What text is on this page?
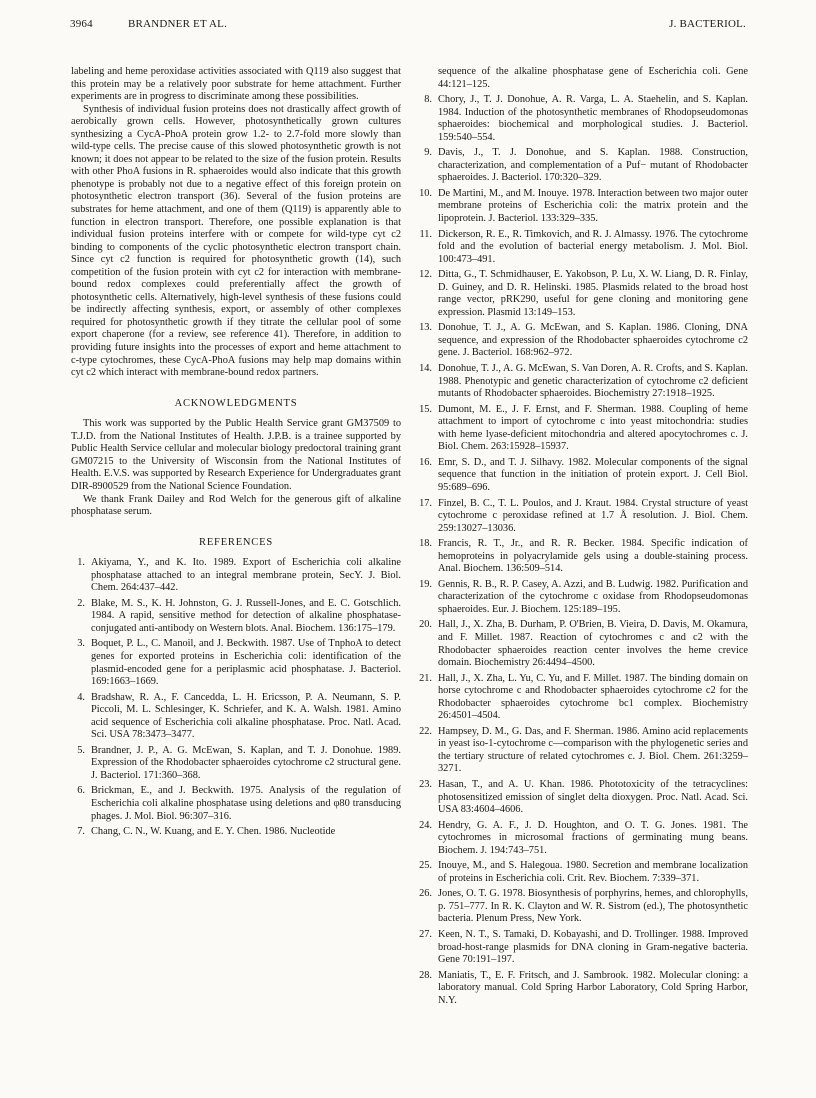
3964	BRANDNER ET AL.	J. BACTERIOL.

labeling and heme peroxidase activities associated with Q119 also suggest that this protein may be a relatively poor substrate for heme attachment. Further experiments are in progress to discriminate among these possibilities.

Synthesis of individual fusion proteins does not drastically affect growth of aerobically grown cells. However, photosynthetically grown cultures synthesizing a CycA-PhoA protein grow 1.2- to 2.7-fold more slowly than wild-type cells. The precise cause of this slowed photosynthetic growth is not known; it does not appear to be related to the size of the fusion protein. Results with other PhoA fusions in R. sphaeroides would also indicate that this growth phenotype is probably not due to a negative effect of this foreign protein on photosynthetic electron transport (36). Several of the fusion proteins are substrates for heme attachment, and one of them (Q119) is apparently able to function in electron transport. Therefore, one possible explanation is that individual fusion proteins interfere with or compete for wild-type cyt c2 binding to components of the cyclic photosynthetic electron transport chain. Since cyt c2 function is required for photosynthetic growth (14), such competition of the fusion protein with cyt c2 for interaction with membrane-bound redox complexes could preferentially affect the growth of photosynthetic cells. Alternatively, high-level synthesis of these fusions could be indirectly affecting synthesis, export, or assembly of other complexes required for photosynthetic growth if they titrate the cellular pool of some export chaperone (for a review, see reference 41). Therefore, in addition to providing future insights into the processes of export and heme attachment to c-type cytochromes, these CycA-PhoA fusions may help map domains within cyt c2 which interact with membrane-bound redox partners.

ACKNOWLEDGMENTS

This work was supported by the Public Health Service grant GM37509 to T.J.D. from the National Institutes of Health. J.P.B. is a trainee supported by Public Health Service cellular and molecular biology predoctoral training grant GM07215 to the University of Wisconsin from the National Institutes of Health. E.V.S. was supported by Research Experience for Undergraduates grant DIR-8900529 from the National Science Foundation.

We thank Frank Dailey and Rod Welch for the generous gift of alkaline phosphatase serum.

REFERENCES
1. Akiyama, Y., and K. Ito. 1989. Export of Escherichia coli alkaline phosphatase attached to an integral membrane protein, SecY. J. Biol. Chem. 264:437–442.
2. Blake, M. S., K. H. Johnston, G. J. Russell-Jones, and E. C. Gotschlich. 1984. A rapid, sensitive method for detection of alkaline phosphatase-conjugated anti-antibody on Western blots. Anal. Biochem. 136:175–179.
3. Boquet, P. L., C. Manoil, and J. Beckwith. 1987. Use of TnphoA to detect genes for exported proteins in Escherichia coli: identification of the plasmid-encoded gene for a periplasmic acid phosphatase. J. Bacteriol. 169:1663–1669.
4. Bradshaw, R. A., F. Cancedda, L. H. Ericsson, P. A. Neumann, S. P. Piccoli, M. L. Schlesinger, K. Schriefer, and K. A. Walsh. 1981. Amino acid sequence of Escherichia coli alkaline phosphatase. Proc. Natl. Acad. Sci. USA 78:3473–3477.
5. Brandner, J. P., A. G. McEwan, S. Kaplan, and T. J. Donohue. 1989. Expression of the Rhodobacter sphaeroides cytochrome c2 structural gene. J. Bacteriol. 171:360–368.
6. Brickman, E., and J. Beckwith. 1975. Analysis of the regulation of Escherichia coli alkaline phosphatase using deletions and φ80 transducing phages. J. Mol. Biol. 96:307–316.
7. Chang, C. N., W. Kuang, and E. Y. Chen. 1986. Nucleotide
sequence of the alkaline phosphatase gene of Escherichia coli. Gene 44:121–125.
8. Chory, J., T. J. Donohue, A. R. Varga, L. A. Staehelin, and S. Kaplan. 1984. Induction of the photosynthetic membranes of Rhodopseudomonas sphaeroides: biochemical and morphological studies. J. Bacteriol. 159:540–554.
9. Davis, J., T. J. Donohue, and S. Kaplan. 1988. Construction, characterization, and complementation of a Puf− mutant of Rhodobacter sphaeroides. J. Bacteriol. 170:320–329.
10. De Martini, M., and M. Inouye. 1978. Interaction between two major outer membrane proteins of Escherichia coli: the matrix protein and the lipoprotein. J. Bacteriol. 133:329–335.
11. Dickerson, R. E., R. Timkovich, and R. J. Almassy. 1976. The cytochrome fold and the evolution of bacterial energy metabolism. J. Mol. Biol. 100:473–491.
12. Ditta, G., T. Schmidhauser, E. Yakobson, P. Lu, X. W. Liang, D. R. Finlay, D. Guiney, and D. R. Helinski. 1985. Plasmids related to the broad host range vector, pRK290, useful for gene cloning and monitoring gene expression. Plasmid 13:149–153.
13. Donohue, T. J., A. G. McEwan, and S. Kaplan. 1986. Cloning, DNA sequence, and expression of the Rhodobacter sphaeroides cytochrome c2 gene. J. Bacteriol. 168:962–972.
14. Donohue, T. J., A. G. McEwan, S. Van Doren, A. R. Crofts, and S. Kaplan. 1988. Phenotypic and genetic characterization of cytochrome c2 deficient mutants of Rhodobacter sphaeroides. Biochemistry 27:1918–1925.
15. Dumont, M. E., J. F. Ernst, and F. Sherman. 1988. Coupling of heme attachment to import of cytochrome c into yeast mitochondria: studies with heme lyase-deficient mitochondria and altered apocytochromes c. J. Biol. Chem. 263:15928–15937.
16. Emr, S. D., and T. J. Silhavy. 1982. Molecular components of the signal sequence that function in the initiation of protein export. J. Cell Biol. 95:689–696.
17. Finzel, B. C., T. L. Poulos, and J. Kraut. 1984. Crystal structure of yeast cytochrome c peroxidase refined at 1.7 Å resolution. J. Biol. Chem. 259:13027–13036.
18. Francis, R. T., Jr., and R. R. Becker. 1984. Specific indication of hemoproteins in polyacrylamide gels using a double-staining process. Anal. Biochem. 136:509–514.
19. Gennis, R. B., R. P. Casey, A. Azzi, and B. Ludwig. 1982. Purification and characterization of the cytochrome c oxidase from Rhodopseudomonas sphaeroides. Eur. J. Biochem. 125:189–195.
20. Hall, J., X. Zha, B. Durham, P. O'Brien, B. Vieira, D. Davis, M. Okamura, and F. Millet. 1987. Reaction of cytochromes c and c2 with the Rhodobacter sphaeroides reaction center involves the heme crevice domain. Biochemistry 26:4494–4500.
21. Hall, J., X. Zha, L. Yu, C. Yu, and F. Millet. 1987. The binding domain on horse cytochrome c and Rhodobacter sphaeroides cytochrome c2 for the Rhodobacter sphaeroides cytochrome bc1 complex. Biochemistry 26:4501–4504.
22. Hampsey, D. M., G. Das, and F. Sherman. 1986. Amino acid replacements in yeast iso-1-cytochrome c—comparison with the phylogenetic series and the tertiary structure of related cytochromes c. J. Biol. Chem. 261:3259–3271.
23. Hasan, T., and A. U. Khan. 1986. Phototoxicity of the tetracyclines: photosensitized emission of singlet delta dioxygen. Proc. Natl. Acad. Sci. USA 83:4604–4606.
24. Hendry, G. A. F., J. D. Houghton, and O. T. G. Jones. 1981. The cytochromes in microsomal fractions of germinating mung beans. Biochem. J. 194:743–751.
25. Inouye, M., and S. Halegoua. 1980. Secretion and membrane localization of proteins in Escherichia coli. Crit. Rev. Biochem. 7:339–371.
26. Jones, O. T. G. 1978. Biosynthesis of porphyrins, hemes, and chlorophylls, p. 751–777. In R. K. Clayton and W. R. Sistrom (ed.), The photosynthetic bacteria. Plenum Press, New York.
27. Keen, N. T., S. Tamaki, D. Kobayashi, and D. Trollinger. 1988. Improved broad-host-range plasmids for DNA cloning in Gram-negative bacteria. Gene 70:191–197.
28. Maniatis, T., E. F. Fritsch, and J. Sambrook. 1982. Molecular cloning: a laboratory manual. Cold Spring Harbor Laboratory, Cold Spring Harbor, N.Y.
